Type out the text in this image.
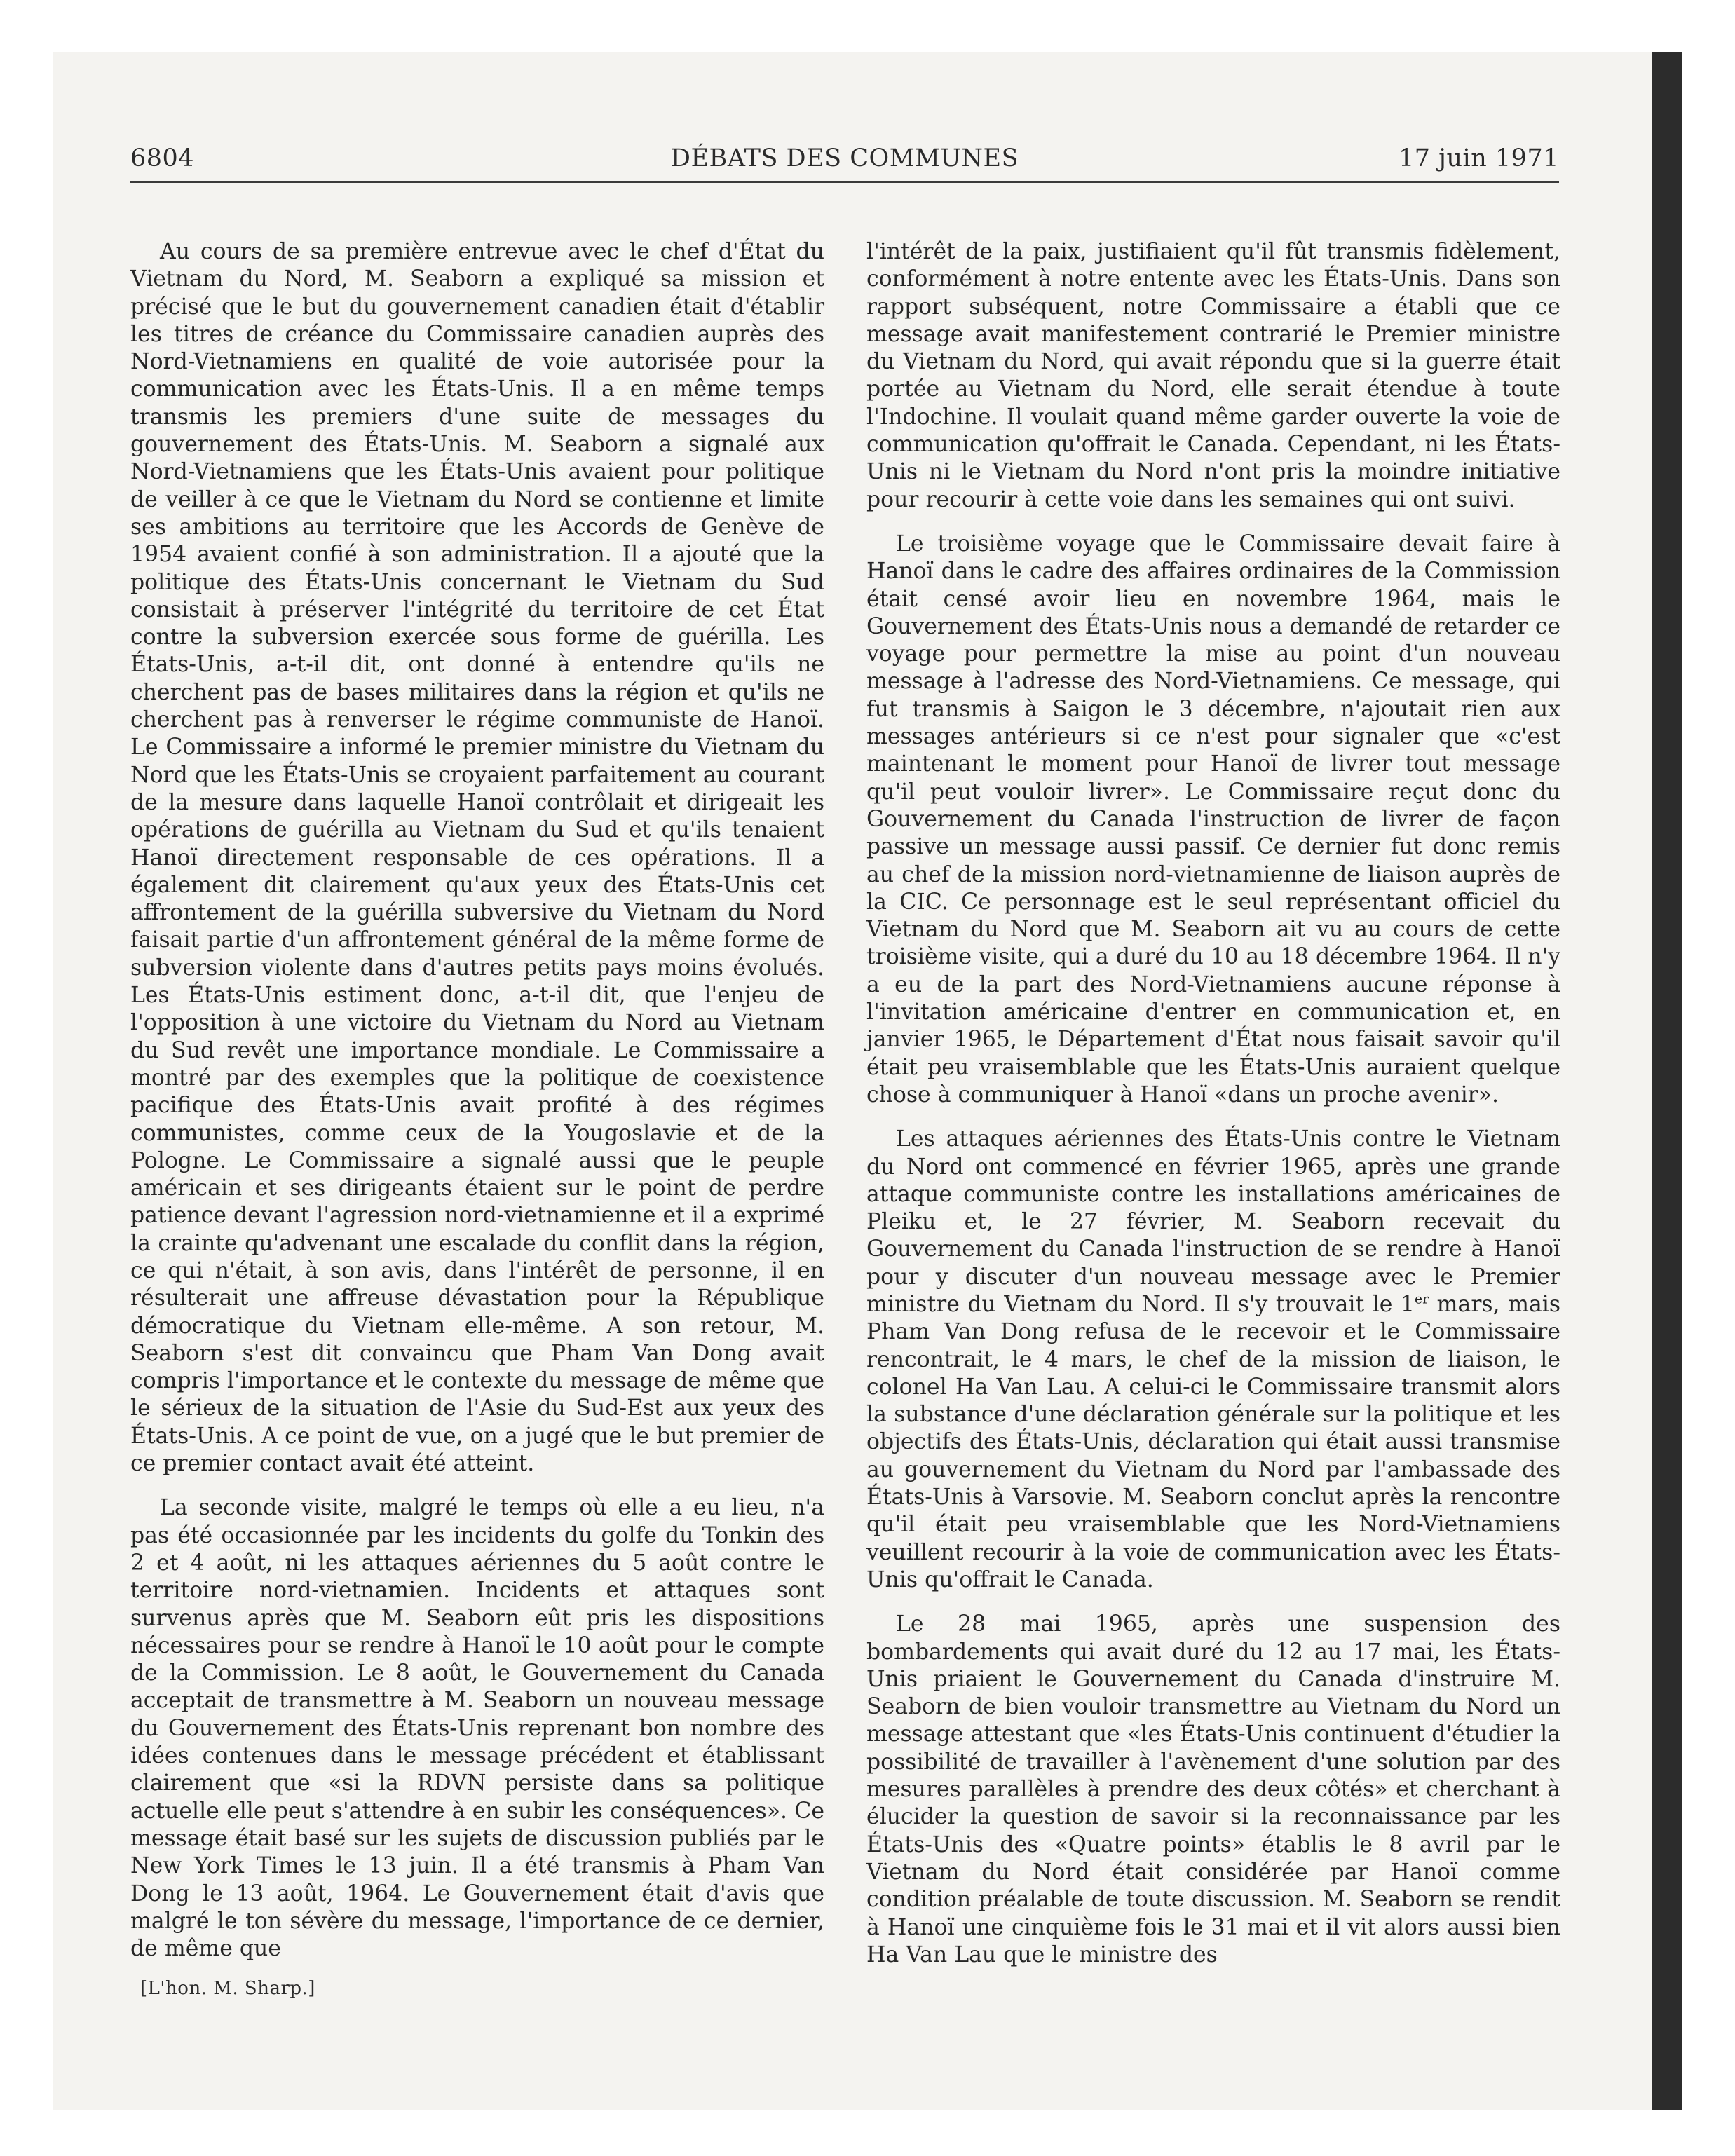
6804	DÉBATS DES COMMUNES	17 juin 1971

Au cours de sa première entrevue avec le chef d'État du Vietnam du Nord, M. Seaborn a expliqué sa mission et précisé que le but du gouvernement canadien était d'établir les titres de créance du Commissaire canadien auprès des Nord-Vietnamiens en qualité de voie autorisée pour la communication avec les États-Unis. Il a en même temps transmis les premiers d'une suite de messages du gouvernement des États-Unis. M. Seaborn a signalé aux Nord-Vietnamiens que les États-Unis avaient pour politique de veiller à ce que le Vietnam du Nord se contienne et limite ses ambitions au territoire que les Accords de Genève de 1954 avaient confié à son administration. Il a ajouté que la politique des États-Unis concernant le Vietnam du Sud consistait à préserver l'intégrité du territoire de cet État contre la subversion exercée sous forme de guérilla. Les États-Unis, a-t-il dit, ont donné à entendre qu'ils ne cherchent pas de bases militaires dans la région et qu'ils ne cherchent pas à renverser le régime communiste de Hanoï. Le Commissaire a informé le premier ministre du Vietnam du Nord que les États-Unis se croyaient parfaitement au courant de la mesure dans laquelle Hanoï contrôlait et dirigeait les opérations de guérilla au Vietnam du Sud et qu'ils tenaient Hanoï directement responsable de ces opérations. Il a également dit clairement qu'aux yeux des États-Unis cet affrontement de la guérilla subversive du Vietnam du Nord faisait partie d'un affrontement général de la même forme de subversion violente dans d'autres petits pays moins évolués. Les États-Unis estiment donc, a-t-il dit, que l'enjeu de l'opposition à une victoire du Vietnam du Nord au Vietnam du Sud revêt une importance mondiale. Le Commissaire a montré par des exemples que la politique de coexistence pacifique des États-Unis avait profité à des régimes communistes, comme ceux de la Yougoslavie et de la Pologne. Le Commissaire a signalé aussi que le peuple américain et ses dirigeants étaient sur le point de perdre patience devant l'agression nord-vietnamienne et il a exprimé la crainte qu'advenant une escalade du conflit dans la région, ce qui n'était, à son avis, dans l'intérêt de personne, il en résulterait une affreuse dévastation pour la République démocratique du Vietnam elle-même. A son retour, M. Seaborn s'est dit convaincu que Pham Van Dong avait compris l'importance et le contexte du message de même que le sérieux de la situation de l'Asie du Sud-Est aux yeux des États-Unis. A ce point de vue, on a jugé que le but premier de ce premier contact avait été atteint.

La seconde visite, malgré le temps où elle a eu lieu, n'a pas été occasionnée par les incidents du golfe du Tonkin des 2 et 4 août, ni les attaques aériennes du 5 août contre le territoire nord-vietnamien. Incidents et attaques sont survenus après que M. Seaborn eût pris les dispositions nécessaires pour se rendre à Hanoï le 10 août pour le compte de la Commission. Le 8 août, le Gouvernement du Canada acceptait de transmettre à M. Seaborn un nouveau message du Gouvernement des États-Unis reprenant bon nombre des idées contenues dans le message précédent et établissant clairement que «si la RDVN persiste dans sa politique actuelle elle peut s'attendre à en subir les conséquences». Ce message était basé sur les sujets de discussion publiés par le New York Times le 13 juin. Il a été transmis à Pham Van Dong le 13 août, 1964. Le Gouvernement était d'avis que malgré le ton sévère du message, l'importance de ce dernier, de même que

[L'hon. M. Sharp.]

l'intérêt de la paix, justifiaient qu'il fût transmis fidèlement, conformément à notre entente avec les États-Unis. Dans son rapport subséquent, notre Commissaire a établi que ce message avait manifestement contrarié le Premier ministre du Vietnam du Nord, qui avait répondu que si la guerre était portée au Vietnam du Nord, elle serait étendue à toute l'Indochine. Il voulait quand même garder ouverte la voie de communication qu'offrait le Canada. Cependant, ni les États-Unis ni le Vietnam du Nord n'ont pris la moindre initiative pour recourir à cette voie dans les semaines qui ont suivi.

Le troisième voyage que le Commissaire devait faire à Hanoï dans le cadre des affaires ordinaires de la Commission était censé avoir lieu en novembre 1964, mais le Gouvernement des États-Unis nous a demandé de retarder ce voyage pour permettre la mise au point d'un nouveau message à l'adresse des Nord-Vietnamiens. Ce message, qui fut transmis à Saigon le 3 décembre, n'ajoutait rien aux messages antérieurs si ce n'est pour signaler que «c'est maintenant le moment pour Hanoï de livrer tout message qu'il peut vouloir livrer». Le Commissaire reçut donc du Gouvernement du Canada l'instruction de livrer de façon passive un message aussi passif. Ce dernier fut donc remis au chef de la mission nord-vietnamienne de liaison auprès de la CIC. Ce personnage est le seul représentant officiel du Vietnam du Nord que M. Seaborn ait vu au cours de cette troisième visite, qui a duré du 10 au 18 décembre 1964. Il n'y a eu de la part des Nord-Vietnamiens aucune réponse à l'invitation américaine d'entrer en communication et, en janvier 1965, le Département d'État nous faisait savoir qu'il était peu vraisemblable que les États-Unis auraient quelque chose à communiquer à Hanoï «dans un proche avenir».

Les attaques aériennes des États-Unis contre le Vietnam du Nord ont commencé en février 1965, après une grande attaque communiste contre les installations américaines de Pleiku et, le 27 février, M. Seaborn recevait du Gouvernement du Canada l'instruction de se rendre à Hanoï pour y discuter d'un nouveau message avec le Premier ministre du Vietnam du Nord. Il s'y trouvait le 1er mars, mais Pham Van Dong refusa de le recevoir et le Commissaire rencontrait, le 4 mars, le chef de la mission de liaison, le colonel Ha Van Lau. A celui-ci le Commissaire transmit alors la substance d'une déclaration générale sur la politique et les objectifs des États-Unis, déclaration qui était aussi transmise au gouvernement du Vietnam du Nord par l'ambassade des États-Unis à Varsovie. M. Seaborn conclut après la rencontre qu'il était peu vraisemblable que les Nord-Vietnamiens veuillent recourir à la voie de communication avec les États-Unis qu'offrait le Canada.

Le 28 mai 1965, après une suspension des bombardements qui avait duré du 12 au 17 mai, les États-Unis priaient le Gouvernement du Canada d'instruire M. Seaborn de bien vouloir transmettre au Vietnam du Nord un message attestant que «les États-Unis continuent d'étudier la possibilité de travailler à l'avènement d'une solution par des mesures parallèles à prendre des deux côtés» et cherchant à élucider la question de savoir si la reconnaissance par les États-Unis des «Quatre points» établis le 8 avril par le Vietnam du Nord était considérée par Hanoï comme condition préalable de toute discussion. M. Seaborn se rendit à Hanoï une cinquième fois le 31 mai et il vit alors aussi bien Ha Van Lau que le ministre des
